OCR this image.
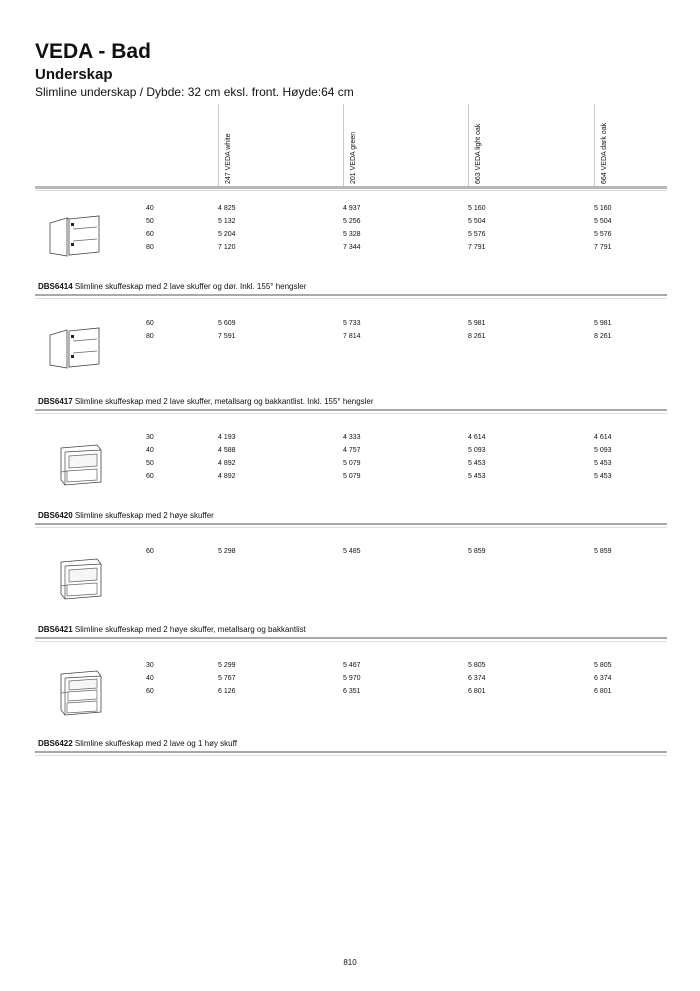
VEDA - Bad
Underskap

Slimline underskap / Dybde: 32 cm eksl. front. Høyde:64 cm

247 VEDA white	201 VEDA green	663 VEDA light oak	664 VEDA dark oak
40	4 825	4 937	5 160	5 160
50	5 132	5 256	5 504	5 504
60	5 204	5 328	5 576	5 576
80	7 120	7 344	7 791	7 791
DBS6414 Slimline skuffeskap med 2 lave skuffer og dør. Inkl. 155° hengsler
60	5 609	5 733	5 981	5 981
80	7 591	7 814	8 261	8 261
DBS6417 Slimline skuffeskap med 2 lave skuffer, metallsarg og bakkantlist. Inkl. 155° hengsler
30	4 193	4 333	4 614	4 614
40	4 588	4 757	5 093	5 093
50	4 892	5 079	5 453	5 453
60	4 892	5 079	5 453	5 453
DBS6420 Slimline skuffeskap med 2 høye skuffer
60	5 298	5 485	5 859	5 859
DBS6421 Slimline skuffeskap med 2 høye skuffer, metallsarg og bakkantlist
30	5 299	5 467	5 805	5 805
40	5 767	5 970	6 374	6 374
60	6 126	6 351	6 801	6 801
DBS6422 Slimline skuffeskap med 2 lave og 1 høy skuff
810
